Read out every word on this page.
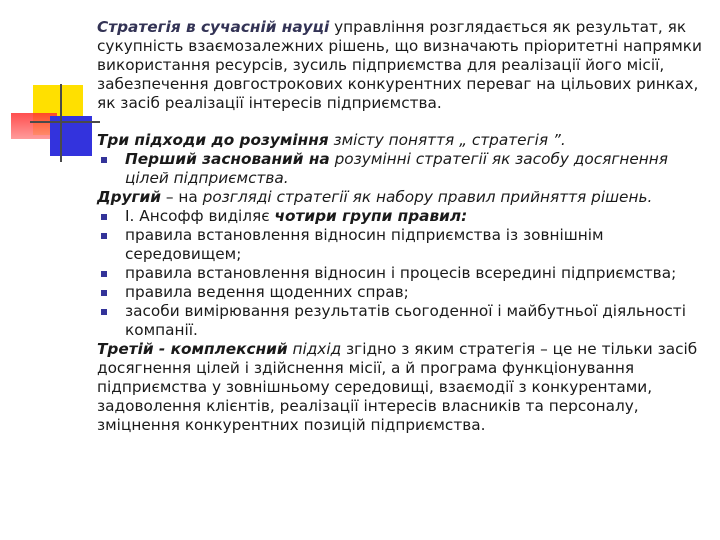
Стратегія в сучасній науці управління розглядається як результат, як сукупність взаємозалежних рішень, що визначають пріоритетні напрямки використання ресурсів, зусиль підприємства для реалізації його місії, забезпечення довгострокових конкурентних переваг на цільових ринках, як засіб реалізації інтересів підприємства.

Три підходи до розуміння змісту поняття „ стратегія ”.

Перший заснований на розумінні стратегії як засобу досягнення цілей підприємства.

Другий – на розгляді стратегії як набору правил прийняття рішень.

І. Ансофф виділяє чотири групи правил:

правила встановлення відносин підприємства із зовнішнім середовищем;

правила встановлення відносин і процесів всередині підприємства;

правила ведення щоденних справ;

засоби вимірювання результатів сьогоденної і майбутньої діяльності компанії.

Третій - комплексний підхід згідно з яким стратегія – це не тільки засіб досягнення цілей і здійснення місії, а й програма функціонування підприємства у зовнішньому середовищі, взаємодії з конкурентами, задоволення клієнтів, реалізації інтересів власників та персоналу, зміцнення конкурентних позицій підприємства.
